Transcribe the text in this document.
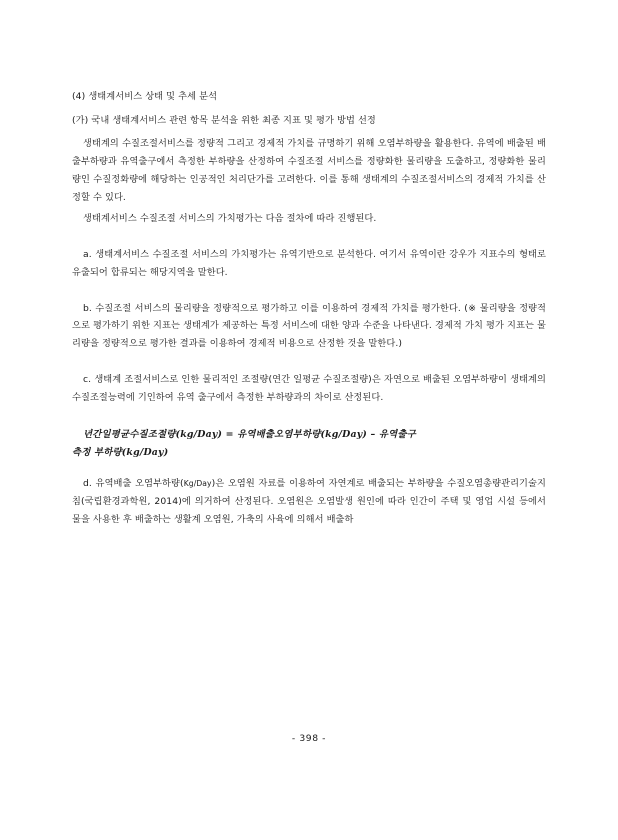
(4) 생태계서비스 상태 및 추세 분석
(가) 국내 생태계서비스 관련 항목 분석을 위한 최종 지표 및 평가 방법 선정

생태계의 수질조절서비스를 정량적 그리고 경제적 가치를 규명하기 위해 오염부하량을 활용한다. 유역에 배출된 배출부하량과 유역출구에서 측정한 부하량을 산정하여 수질조절 서비스를 정량화한 물리량을 도출하고, 정량화한 물리량인 수질정화량에 해당하는 인공적인 처리단가를 고려한다. 이를 통해 생태계의 수질조절서비스의 경제적 가치를 산정할 수 있다.

생태계서비스 수질조절 서비스의 가치평가는 다음 절차에 따라 진행된다.

a. 생태계서비스 수질조절 서비스의 가치평가는 유역기반으로 분석한다. 여기서 유역이란 강우가 지표수의 형태로 유출되어 합류되는 해당지역을 말한다.

b. 수질조절 서비스의 물리량을 정량적으로 평가하고 이를 이용하여 경제적 가치를 평가한다. (※ 물리량을 정량적으로 평가하기 위한 지표는 생태계가 제공하는 특정 서비스에 대한 양과 수준을 나타낸다. 경제적 가치 평가 지표는 물리량을 정량적으로 평가한 결과를 이용하여 경제적 비용으로 산정한 것을 말한다.)

c. 생태계 조절서비스로 인한 물리적인 조절량(연간 일평균 수질조절량)은 자연으로 배출된 오염부하량이 생태계의 수질조절능력에 기인하여 유역 출구에서 측정한 부하량과의 차이로 산정된다.

년간일평균수질조절량(kg/Day) = 유역배출오염부하량(kg/Day) – 유역출구
측정 부하량(kg/Day)

d. 유역배출 오염부하량(Kg/Day)은 오염원 자료를 이용하여 자연계로 배출되는 부하량을 수질오염총량관리기술지침(국립환경과학원, 2014)에 의거하여 산정된다. 오염원은 오염발생 원인에 따라 인간이 주택 및 영업 시설 등에서 물을 사용한 후 배출하는 생활계 오염원, 가축의 사육에 의해서 배출하

- 398 -
